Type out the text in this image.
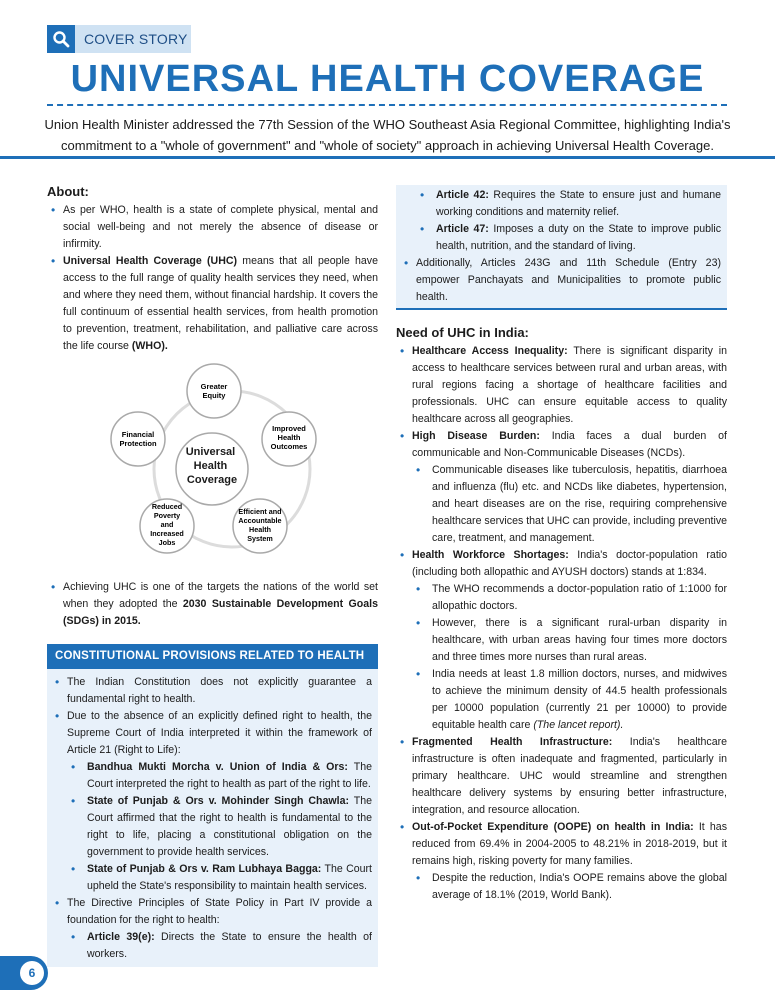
COVER STORY
UNIVERSAL HEALTH COVERAGE
Union Health Minister addressed the 77th Session of the WHO Southeast Asia Regional Committee, highlighting India's commitment to a "whole of government" and "whole of society" approach in achieving Universal Health Coverage.
About:
• As per WHO, health is a state of complete physical, mental and social well-being and not merely the absence of disease or infirmity.
• Universal Health Coverage (UHC) means that all people have access to the full range of quality health services they need, when and where they need them, without financial hardship. It covers the full continuum of essential health services, from health promotion to prevention, treatment, rehabilitation, and palliative care across the life course (WHO).
Universal Health Coverage
Greater Equity
Improved Health Outcomes
Efficient and Accountable Health System
Reduced Poverty and Increased Jobs
Financial Protection
• Achieving UHC is one of the targets the nations of the world set when they adopted the 2030 Sustainable Development Goals (SDGs) in 2015.
CONSTITUTIONAL PROVISIONS RELATED TO HEALTH
• The Indian Constitution does not explicitly guarantee a fundamental right to health.
• Due to the absence of an explicitly defined right to health, the Supreme Court of India interpreted it within the framework of Article 21 (Right to Life):
• Bandhua Mukti Morcha v. Union of India & Ors: The Court interpreted the right to health as part of the right to life.
• State of Punjab & Ors v. Mohinder Singh Chawla: The Court affirmed that the right to health is fundamental to the right to life, placing a constitutional obligation on the government to provide health services.
• State of Punjab & Ors v. Ram Lubhaya Bagga: The Court upheld the State's responsibility to maintain health services.
• The Directive Principles of State Policy in Part IV provide a foundation for the right to health:
• Article 39(e): Directs the State to ensure the health of workers.
• Article 42: Requires the State to ensure just and humane working conditions and maternity relief.
• Article 47: Imposes a duty on the State to improve public health, nutrition, and the standard of living.
• Additionally, Articles 243G and 11th Schedule (Entry 23) empower Panchayats and Municipalities to promote public health.
Need of UHC in India:
• Healthcare Access Inequality: There is significant disparity in access to healthcare services between rural and urban areas, with rural regions facing a shortage of healthcare facilities and professionals. UHC can ensure equitable access to quality healthcare across all geographies.
• High Disease Burden: India faces a dual burden of communicable and Non-Communicable Diseases (NCDs).
• Communicable diseases like tuberculosis, hepatitis, diarrhoea and influenza (flu) etc. and NCDs like diabetes, hypertension, and heart diseases are on the rise, requiring comprehensive healthcare services that UHC can provide, including preventive care, treatment, and management.
• Health Workforce Shortages: India's doctor-population ratio (including both allopathic and AYUSH doctors) stands at 1:834.
• The WHO recommends a doctor-population ratio of 1:1000 for allopathic doctors.
• However, there is a significant rural-urban disparity in healthcare, with urban areas having four times more doctors and three times more nurses than rural areas.
• India needs at least 1.8 million doctors, nurses, and midwives to achieve the minimum density of 44.5 health professionals per 10000 population (currently 21 per 10000) to provide equitable health care (The lancet report).
• Fragmented Health Infrastructure: India's healthcare infrastructure is often inadequate and fragmented, particularly in primary healthcare. UHC would streamline and strengthen healthcare delivery systems by ensuring better infrastructure, integration, and resource allocation.
• Out-of-Pocket Expenditure (OOPE) on health in India: It has reduced from 69.4% in 2004-2005 to 48.21% in 2018-2019, but it remains high, risking poverty for many families.
• Despite the reduction, India's OOPE remains above the global average of 18.1% (2019, World Bank).
6
